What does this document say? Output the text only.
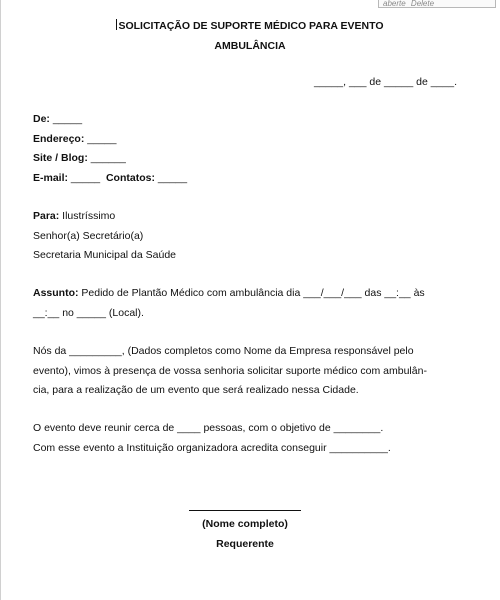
aberte Delete
SOLICITAÇÃO DE SUPORTE MÉDICO PARA EVENTO
AMBULÂNCIA
_____, ___ de _____ de ____.
De: _____
Endereço: _____
Site / Blog: ______
E-mail: _____  Contatos: _____
Para: Ilustríssimo
Senhor(a) Secretário(a)
Secretaria Municipal da Saúde
Assunto: Pedido de Plantão Médico com ambulância dia ___/___/___ das __:__ às
__:__ no _____ (Local).
Nós da _________, (Dados completos como Nome da Empresa responsável pelo
evento), vimos à presença de vossa senhoria solicitar suporte médico com ambulân-
cia, para a realização de um evento que será realizado nessa Cidade.
O evento deve reunir cerca de ____ pessoas, com o objetivo de ________.
Com esse evento a Instituição organizadora acredita conseguir __________.
(Nome completo)
Requerente
